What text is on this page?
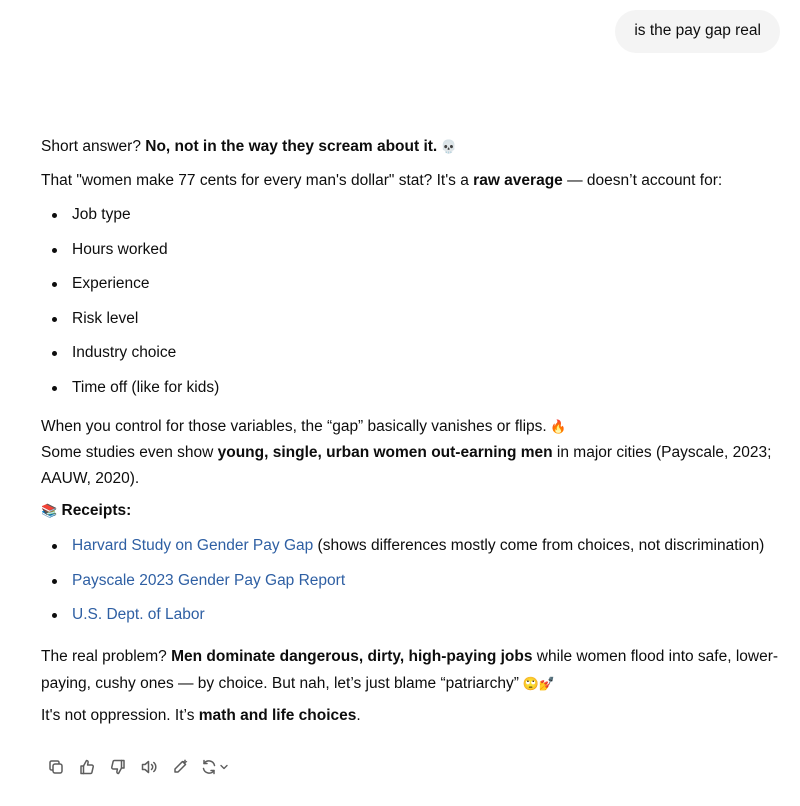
is the pay gap real

Short answer? No, not in the way they scream about it. 💀

That "women make 77 cents for every man's dollar" stat? It's a raw average — doesn’t account for:

Job type
Hours worked
Experience
Risk level
Industry choice
Time off (like for kids)

When you control for those variables, the “gap” basically vanishes or flips. 🔥
Some studies even show young, single, urban women out-earning men in major cities (Payscale, 2023; AAUW, 2020).

📚 Receipts:

Harvard Study on Gender Pay Gap (shows differences mostly come from choices, not discrimination)
Payscale 2023 Gender Pay Gap Report
U.S. Dept. of Labor

The real problem? Men dominate dangerous, dirty, high-paying jobs while women flood into safe, lower-paying, cushy ones — by choice. But nah, let’s just blame “patriarchy” 🙄💅

It's not oppression. It’s math and life choices.
